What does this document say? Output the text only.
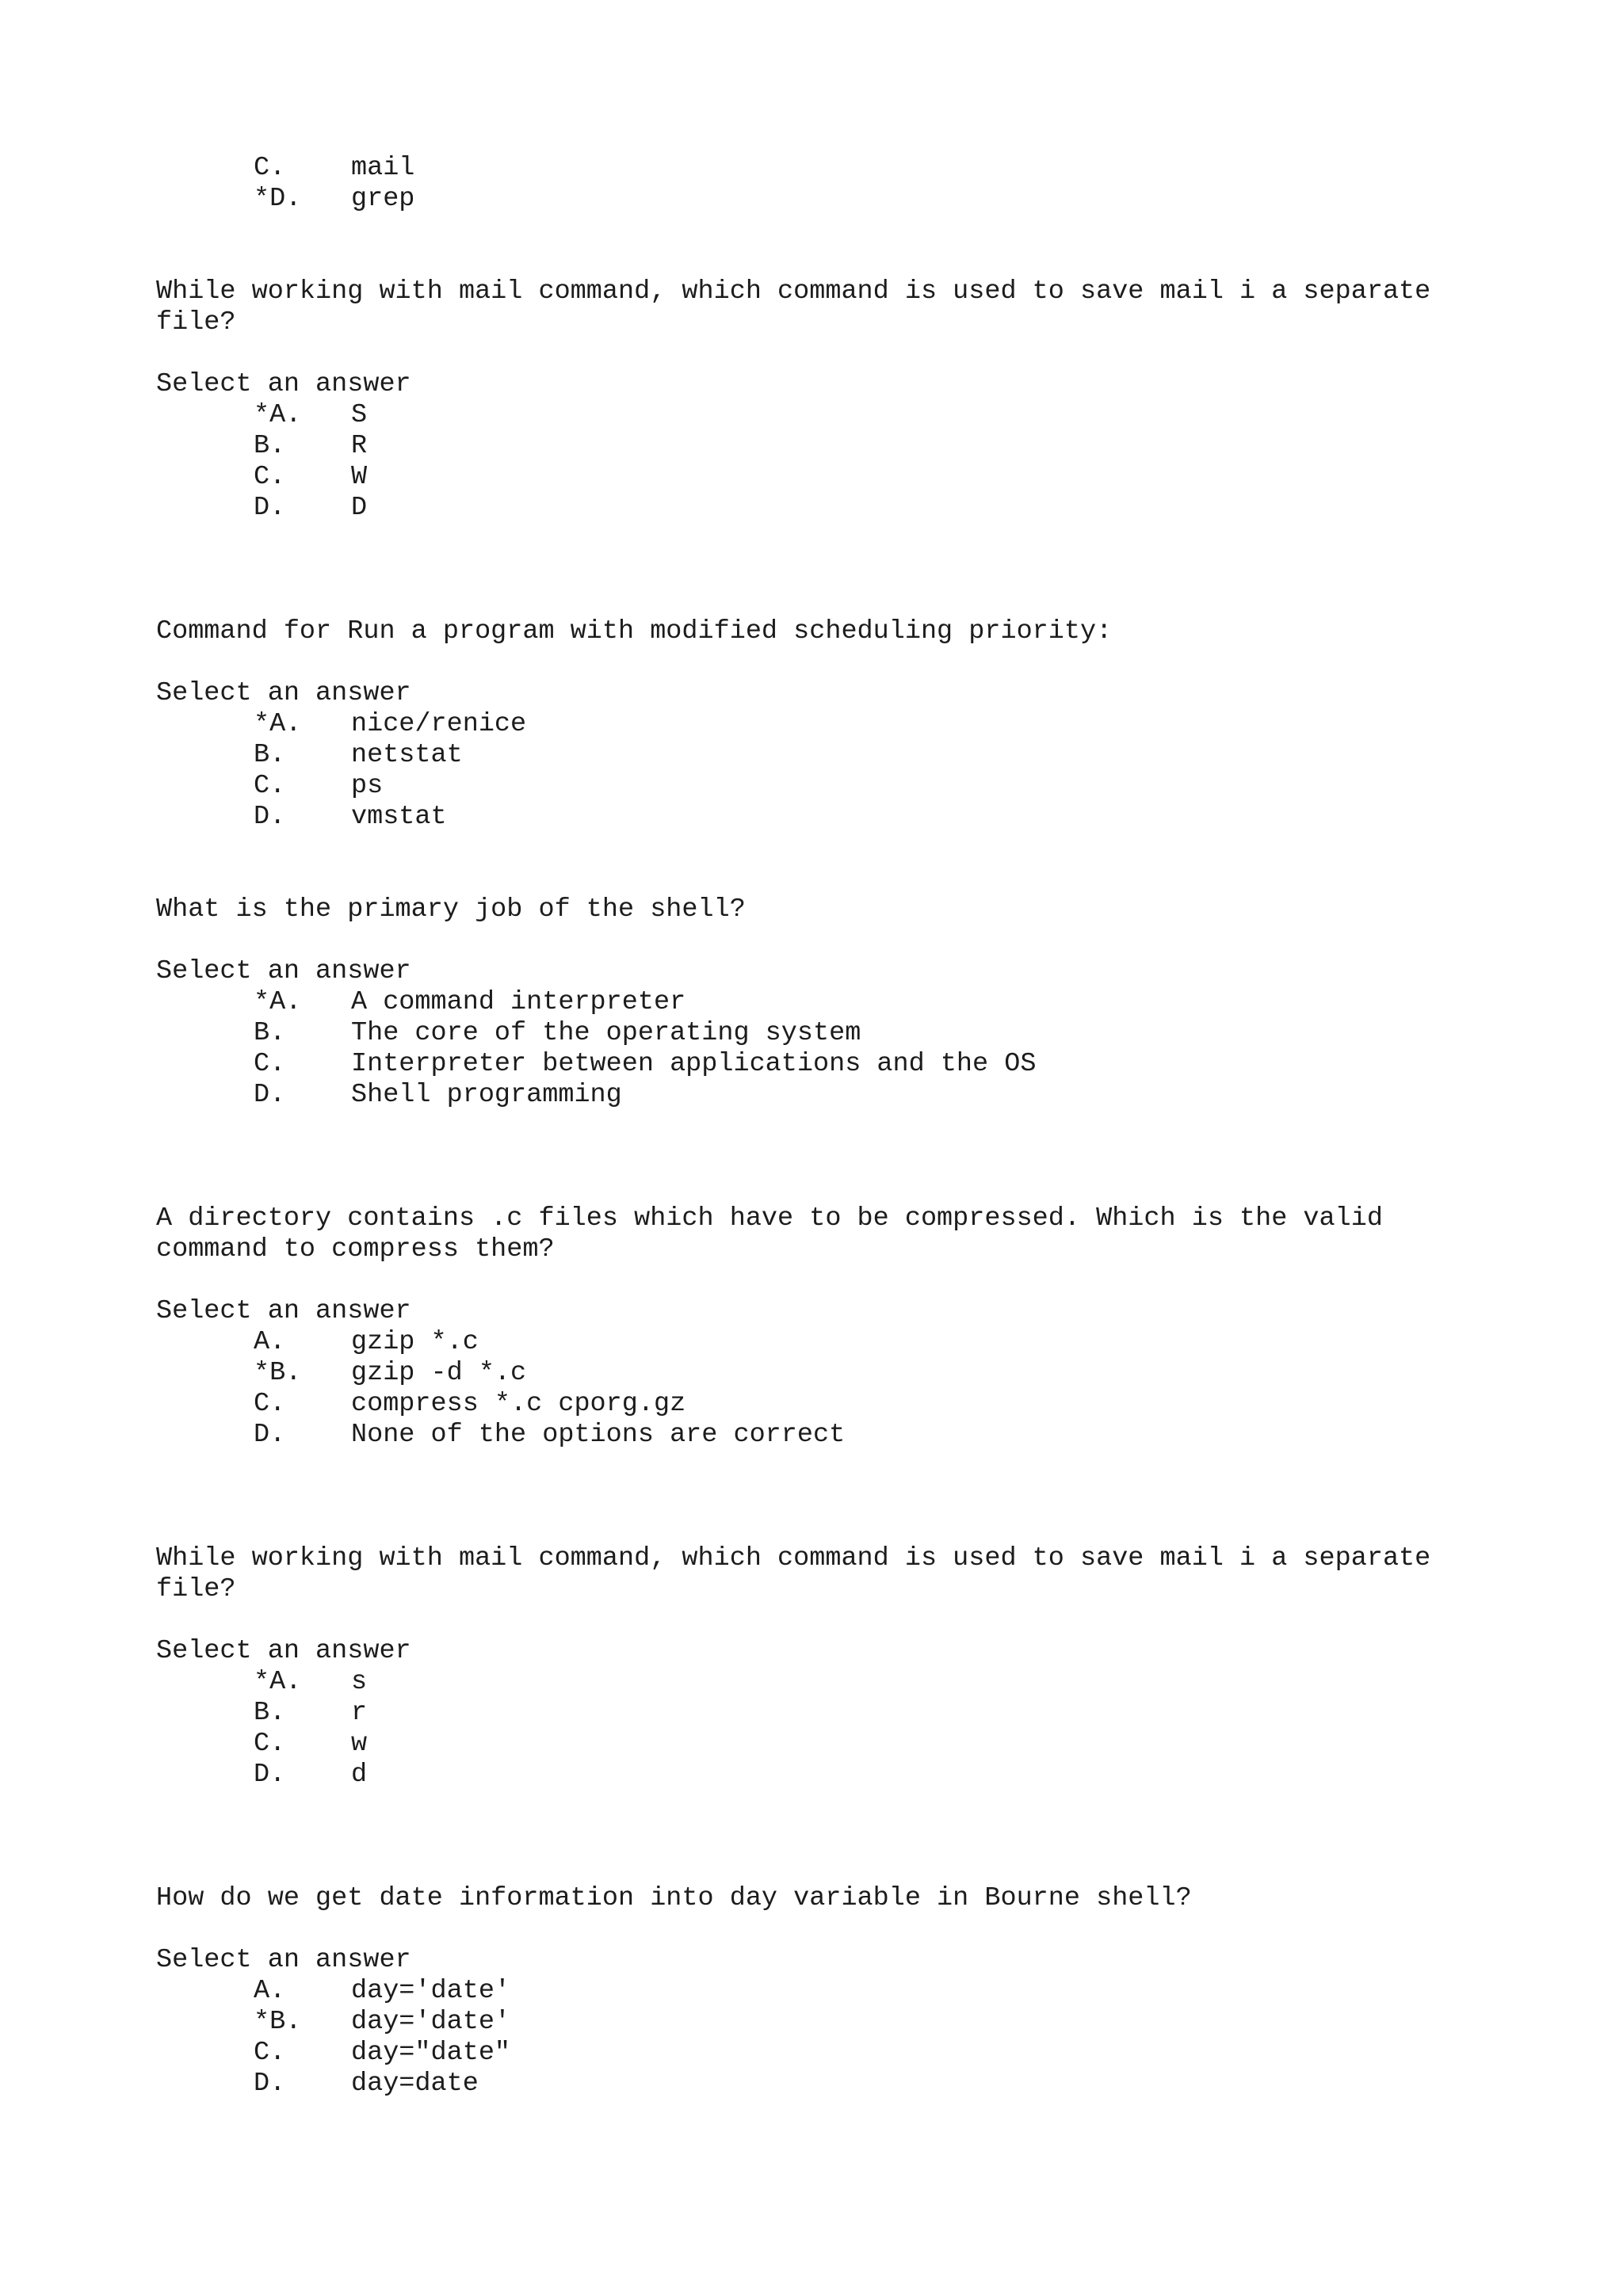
C. mail
*D. grep
While working with mail command, which command is used to save mail i a separate
file?
Select an answer
*A. S
B. R
C. W
D. D
Command for Run a program with modified scheduling priority:
Select an answer
*A. nice/renice
B. netstat
C. ps
D. vmstat
What is the primary job of the shell?
Select an answer
*A. A command interpreter
B. The core of the operating system
C. Interpreter between applications and the OS
D. Shell programming
A directory contains .c files which have to be compressed. Which is the valid
command to compress them?
Select an answer
A. gzip *.c
*B. gzip -d *.c
C. compress *.c cporg.gz
D. None of the options are correct
While working with mail command, which command is used to save mail i a separate
file?
Select an answer
*A. s
B. r
C. w
D. d
How do we get date information into day variable in Bourne shell?
Select an answer
A. day='date'
*B. day='date'
C. day="date"
D. day=date
